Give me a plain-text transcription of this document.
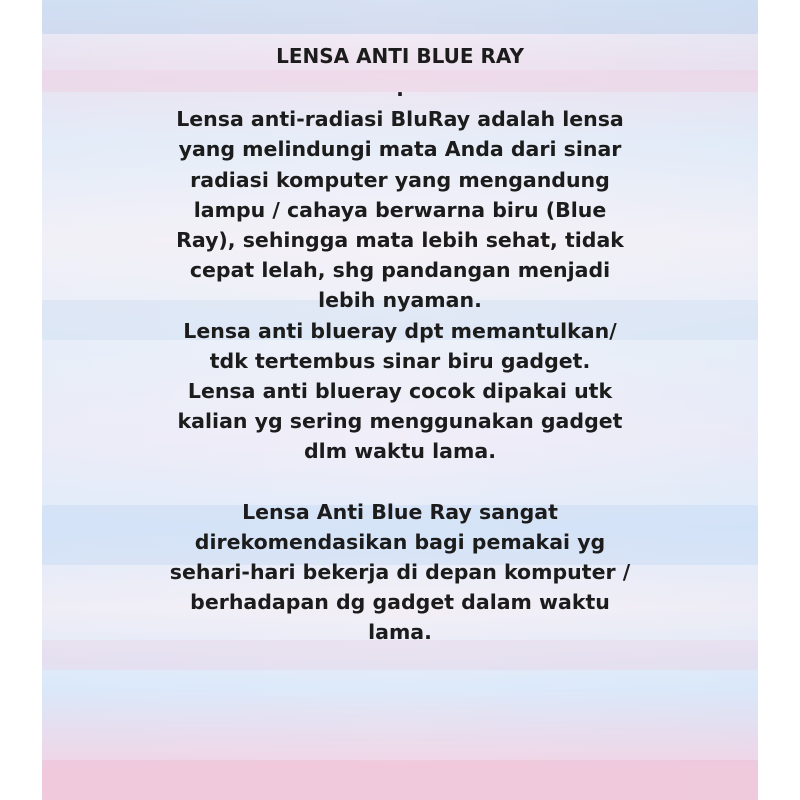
LENSA ANTI BLUE RAY
.
Lensa anti-radiasi BluRay adalah lensa
yang melindungi mata Anda dari sinar
radiasi komputer yang mengandung
lampu / cahaya berwarna biru (Blue
Ray), sehingga mata lebih sehat, tidak
cepat lelah, shg pandangan menjadi
lebih nyaman.
Lensa anti blueray dpt memantulkan/
tdk tertembus sinar biru gadget.
Lensa anti blueray cocok dipakai utk
kalian yg sering menggunakan gadget
dlm waktu lama.
Lensa Anti Blue Ray sangat
direkomendasikan bagi pemakai yg
sehari-hari bekerja di depan komputer /
berhadapan dg gadget dalam waktu
lama.
